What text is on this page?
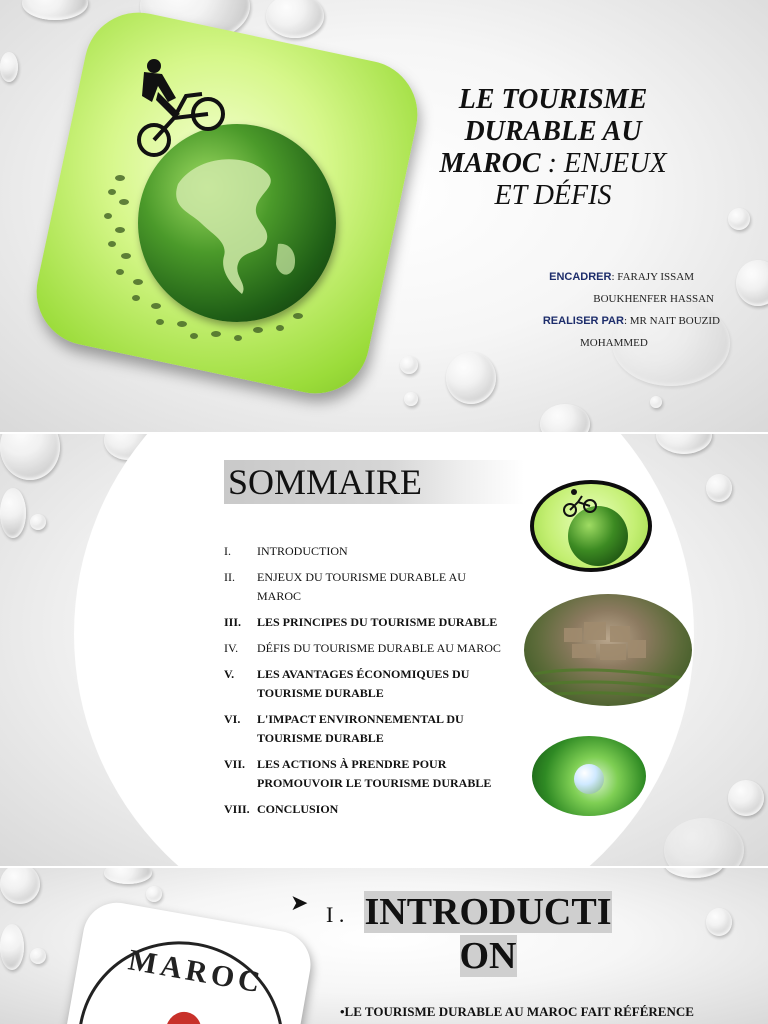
LE TOURISME
DURABLE AU
MAROC : ENJEUX
ET DÉFIS
ENCADRER: FARAJY ISSAM
BOUKHENFER HASSAN
REALISER PAR: MR NAIT BOUZID
MOHAMMED
SOMMAIRE
I.	INTRODUCTION
II.	ENJEUX DU TOURISME DURABLE AU MAROC
III.	LES PRINCIPES DU TOURISME DURABLE
IV.	DÉFIS DU TOURISME DURABLE AU MAROC
V.	LES AVANTAGES ÉCONOMIQUES DU TOURISME DURABLE
VI.	L'IMPACT ENVIRONNEMENTAL DU TOURISME DURABLE
VII. LES ACTIONS À PRENDRE POUR PROMOUVOIR LE TOURISME DURABLE
VIII. CONCLUSION
MAROC
➤ I . INTRODUCTI
ON
•LE TOURISME DURABLE AU MAROC FAIT RÉFÉRENCE
